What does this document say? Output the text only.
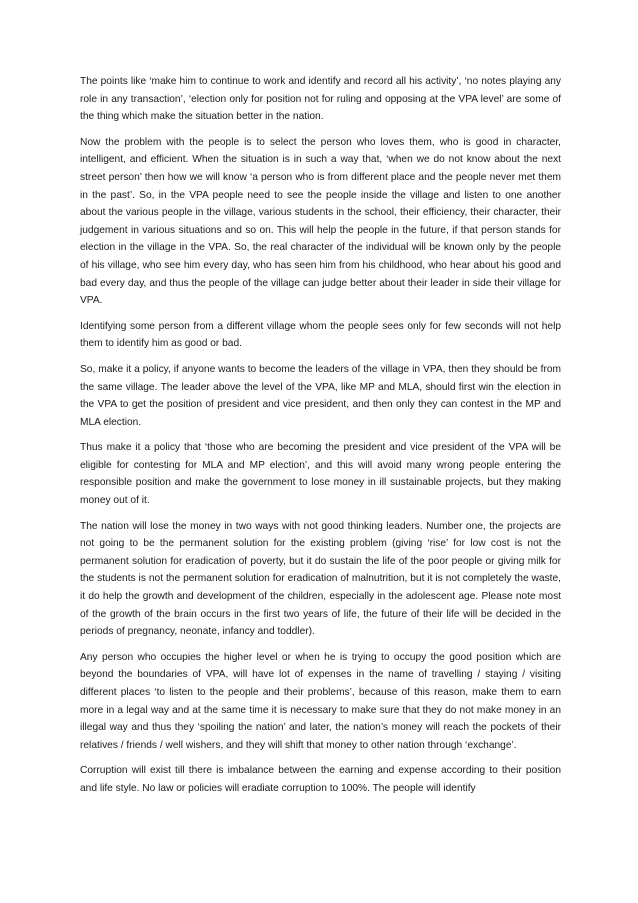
The points like ‘make him to continue to work and identify and record all his activity’, ‘no notes playing any role in any transaction’, ‘election only for position not for ruling and opposing at the VPA level’ are some of the thing which make the situation better in the nation.

Now the problem with the people is to select the person who loves them, who is good in character, intelligent, and efficient. When the situation is in such a way that, ‘when we do not know about the next street person’ then how we will know ‘a person who is from different place and the people never met them in the past’. So, in the VPA people need to see the people inside the village and listen to one another about the various people in the village, various students in the school, their efficiency, their character, their judgement in various situations and so on. This will help the people in the future, if that person stands for election in the village in the VPA. So, the real character of the individual will be known only by the people of his village, who see him every day, who has seen him from his childhood, who hear about his good and bad every day, and thus the people of the village can judge better about their leader in side their village for VPA.

Identifying some person from a different village whom the people sees only for few seconds will not help them to identify him as good or bad.

So, make it a policy, if anyone wants to become the leaders of the village in VPA, then they should be from the same village. The leader above the level of the VPA, like MP and MLA, should first win the election in the VPA to get the position of president and vice president, and then only they can contest in the MP and MLA election.

Thus make it a policy that ‘those who are becoming the president and vice president of the VPA will be eligible for contesting for MLA and MP election’, and this will avoid many wrong people entering the responsible position and make the government to lose money in ill sustainable projects, but they making money out of it.

The nation will lose the money in two ways with not good thinking leaders. Number one, the projects are not going to be the permanent solution for the existing problem (giving ‘rise’ for low cost is not the permanent solution for eradication of poverty, but it do sustain the life of the poor people or giving milk for the students is not the permanent solution for eradication of malnutrition, but it is not completely the waste, it do help the growth and development of the children, especially in the adolescent age. Please note most of the growth of the brain occurs in the first two years of life, the future of their life will be decided in the periods of pregnancy, neonate, infancy and toddler).

Any person who occupies the higher level or when he is trying to occupy the good position which are beyond the boundaries of VPA, will have lot of expenses in the name of travelling / staying / visiting different places ‘to listen to the people and their problems’, because of this reason, make them to earn more in a legal way and at the same time it is necessary to make sure that they do not make money in an illegal way and thus they ‘spoiling the nation’ and later, the nation’s money will reach the pockets of their relatives / friends / well wishers, and they will shift that money to other nation through ‘exchange’.

Corruption will exist till there is imbalance between the earning and expense according to their position and life style. No law or policies will eradiate corruption to 100%. The people will identify
